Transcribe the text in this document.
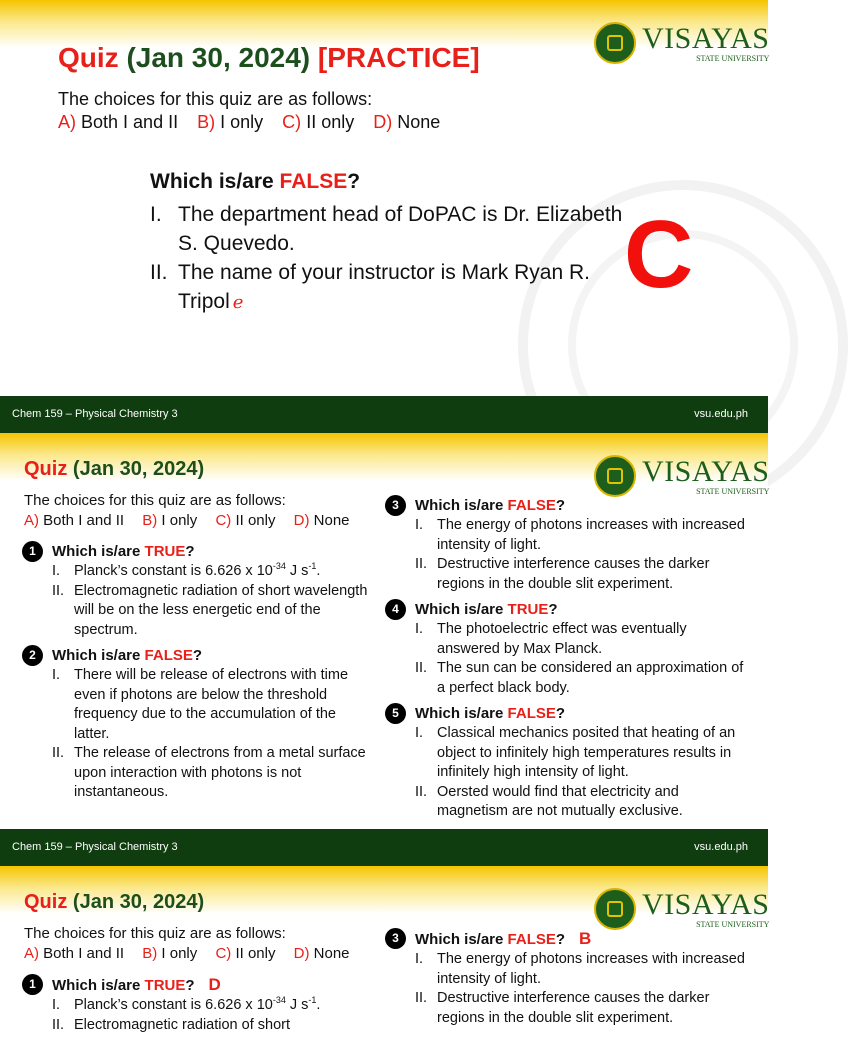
VISAYAS
STATE UNIVERSITY
Quiz (Jan 30, 2024) [PRACTICE]
The choices for this quiz are as follows:
A) Both I and II B) I only C) II only D) None
Which is/are FALSE?
I. The department head of DoPAC is Dr. Elizabeth S. Quevedo.
II. The name of your instructor is Mark Ryan R. Tripol e	C
Chem 159 – Physical Chemistry 3	vsu.edu.ph
VISAYAS
STATE UNIVERSITY
Quiz (Jan 30, 2024)
The choices for this quiz are as follows:
A) Both I and II B) I only C) II only D) None
1	Which is/are TRUE?
I. Planck’s constant is 6.626 x $10^{-34}$ J $s^{-1}$.
II. Electromagnetic radiation of short wavelength will be on the less energetic end of the spectrum.
2	Which is/are FALSE?
I. There will be release of electrons with time even if photons are below the threshold frequency due to the accumulation of the latter.
II. The release of electrons from a metal surface upon interaction with photons is not instantaneous.
3	Which is/are FALSE?
I. The energy of photons increases with increased intensity of light.
II. Destructive interference causes the darker regions in the double slit experiment.
4	Which is/are TRUE?
I. The photoelectric effect was eventually answered by Max Planck.
II. The sun can be considered an approximation of a perfect black body.
5	Which is/are FALSE?
I. Classical mechanics posited that heating of an object to infinitely high temperatures results in infinitely high intensity of light.
II. Oersted would find that electricity and magnetism are not mutually exclusive.
Chem 159 – Physical Chemistry 3	vsu.edu.ph
VISAYAS
STATE UNIVERSITY
Quiz (Jan 30, 2024)
The choices for this quiz are as follows:
A) Both I and II B) I only C) II only D) None
1	Which is/are TRUE? D
I. Planck’s constant is 6.626 x $10^{-34}$ J $s^{-1}$.
II. Electromagnetic radiation of short
3	Which is/are FALSE? B
I. The energy of photons increases with increased intensity of light.
II. Destructive interference causes the darker regions in the double slit experiment.
